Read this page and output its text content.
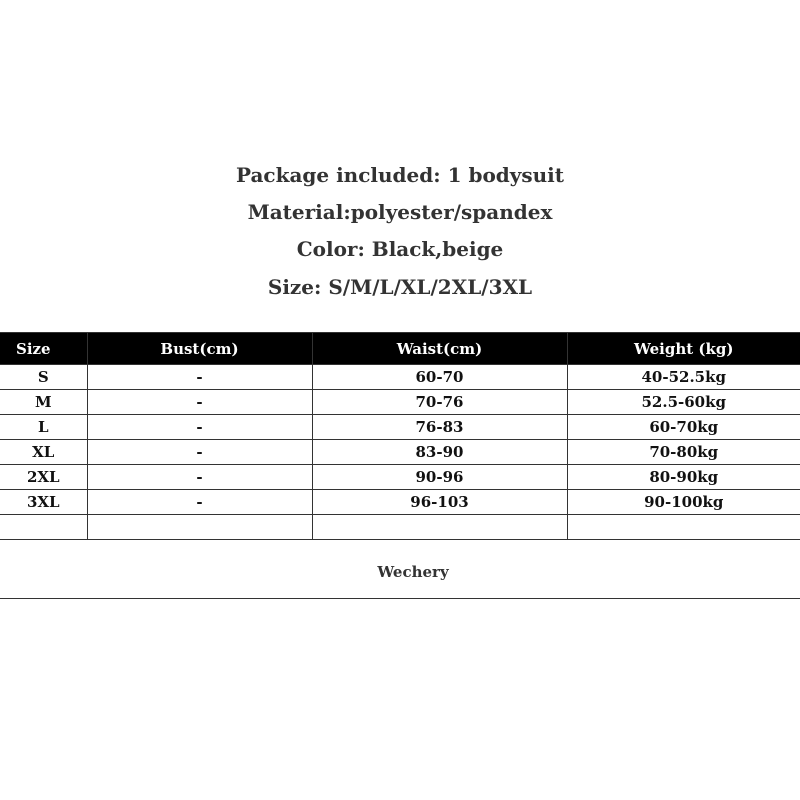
Package included: 1 bodysuit
Material:polyester/spandex
Color: Black,beige
Size: S/M/L/XL/2XL/3XL
Size	Bust(cm)	Waist(cm)	Weight (kg)
S	-	60-70	40-52.5kg
M	-	70-76	52.5-60kg
L	-	76-83	60-70kg
XL	-	83-90	70-80kg
2XL	-	90-96	80-90kg
3XL	-	96-103	90-100kg

Wechery
